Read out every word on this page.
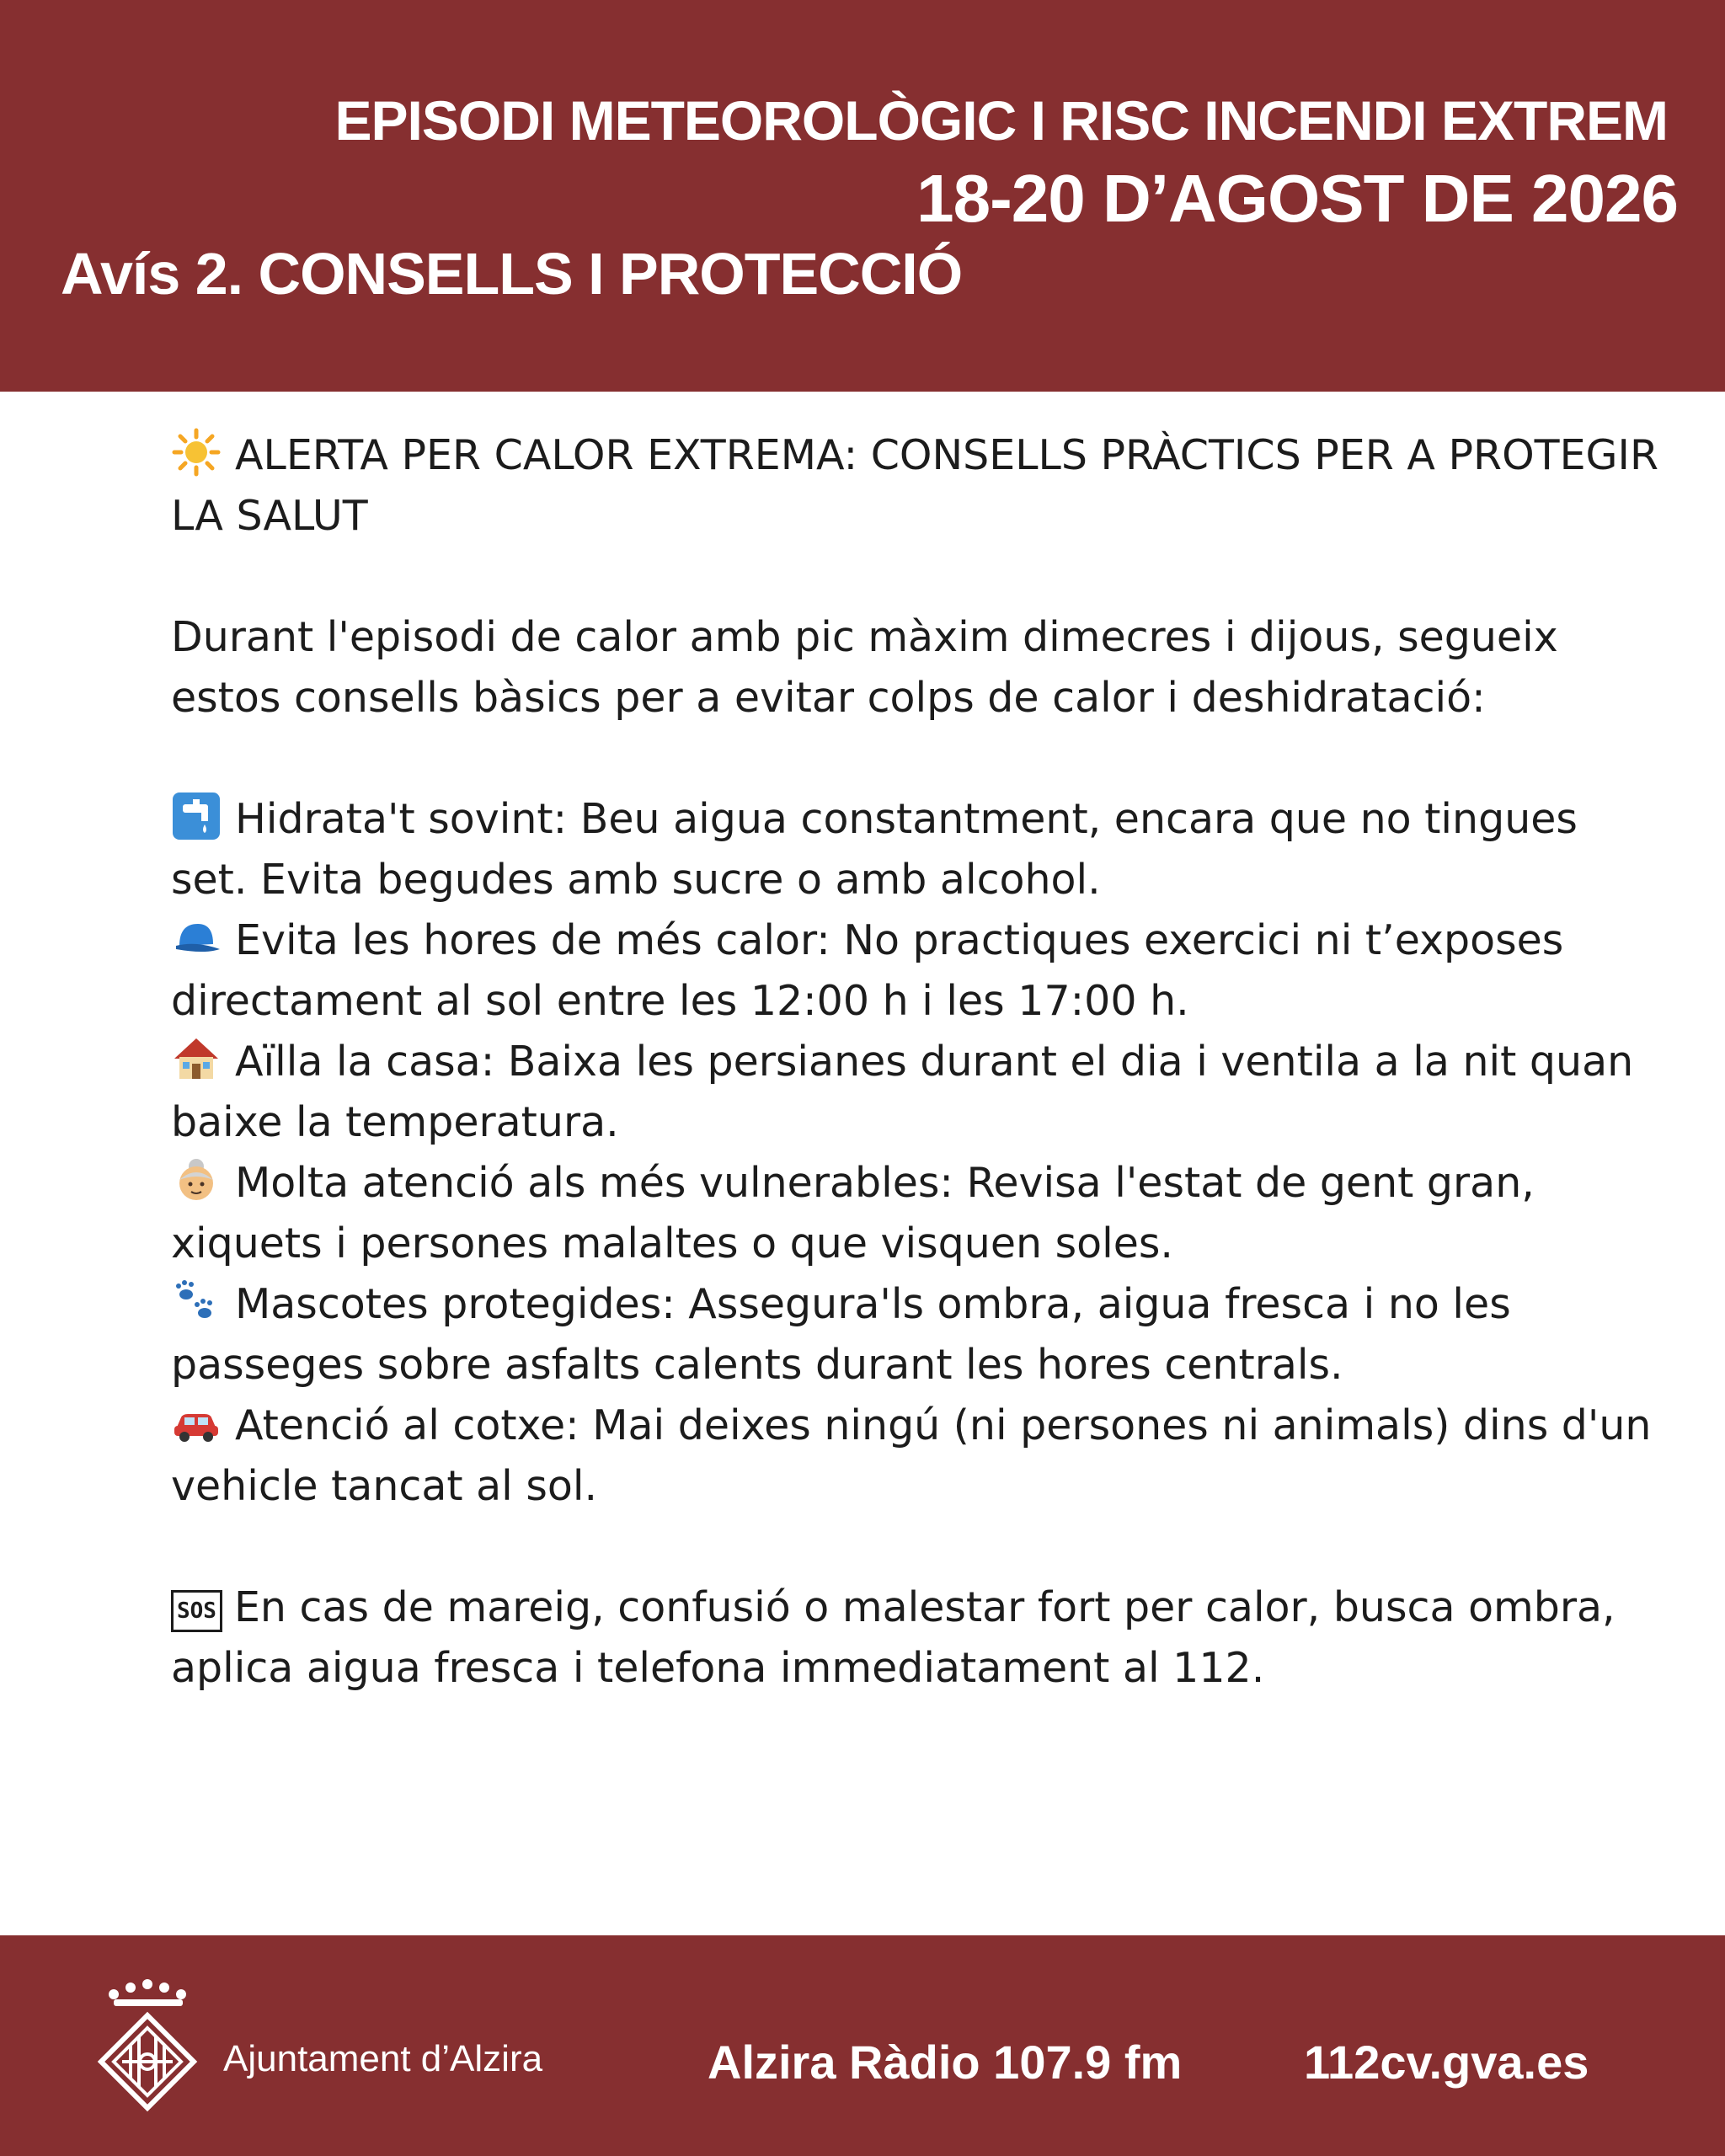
EPISODI METEOROLÒGIC I RISC INCENDI EXTREM
18-20 D’AGOST DE 2026
Avís 2. CONSELLS I PROTECCIÓ

ALERTA PER CALOR EXTREMA: CONSELLS PRÀCTICS PER A PROTEGIR LA SALUT

Durant l'episodi de calor amb pic màxim dimecres i dijous, segueix estos consells bàsics per a evitar colps de calor i deshidratació:

Hidrata't sovint: Beu aigua constantment, encara que no tingues set. Evita begudes amb sucre o amb alcohol.

Evita les hores de més calor: No practiques exercici ni t’exposes directament al sol entre les 12:00 h i les 17:00 h.

Aïlla la casa: Baixa les persianes durant el dia i ventila a la nit quan baixe la temperatura.

Molta atenció als més vulnerables: Revisa l'estat de gent gran, xiquets i persones malaltes o que visquen soles.

Mascotes protegides: Assegura'ls ombra, aigua fresca i no les passeges sobre asfalts calents durant les hores centrals.

Atenció al cotxe: Mai deixes ningú (ni persones ni animals) dins d'un vehicle tancat al sol.

SOS En cas de mareig, confusió o malestar fort per calor, busca ombra, aplica aigua fresca i telefona immediatament al 112.

Ajuntament d’Alzira	Alzira Ràdio 107.9 fm	112cv.gva.es
